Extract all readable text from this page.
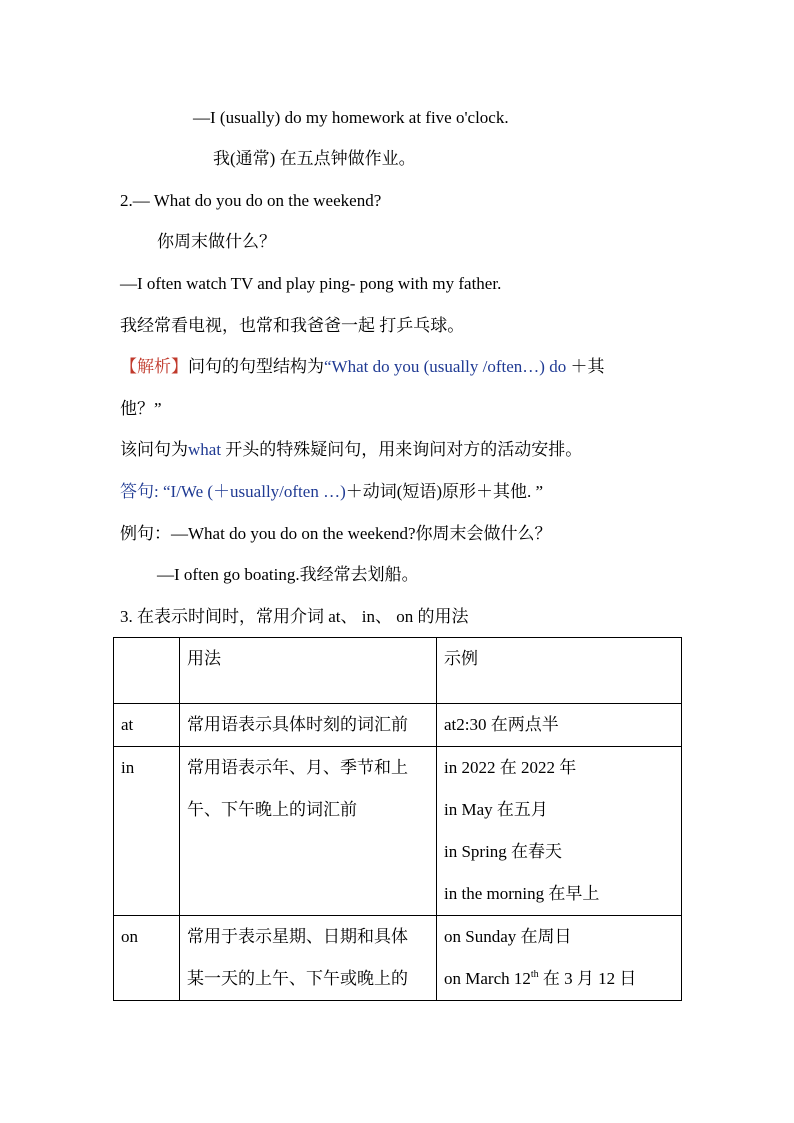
—I (usually) do my homework at five o'clock.
我(通常) 在五点钟做作业。
2.— What do you do on the weekend?
你周末做什么？
—I often watch TV and play ping- pong with my father.
我经常看电视，也常和我爸爸一起 打乒乓球。
【解析】问句的句型结构为“What do you (usually /often…) do ＋其
他？”
该问句为what 开头的特殊疑问句，用来询问对方的活动安排。
答句: “I/We (＋usually/often …)＋动词(短语)原形＋其他. ”
例句：—What do you do on the weekend?你周末会做什么？
—I often go boating.我经常去划船。
3. 在表示时间时，常用介词 at、 in、 on 的用法
	用法	示例
at	常用语表示具体时刻的词汇前	at2:30 在两点半

in	常用语表示年、月、季节和上
午、下午晚上的词汇前	in 2022 在 2022 年
in May 在五月
in Spring 在春天
in the morning 在早上

on	常用于表示星期、日期和具体
某一天的上午、下午或晚上的	on Sunday 在周日
on March 12th 在 3 月 12 日
